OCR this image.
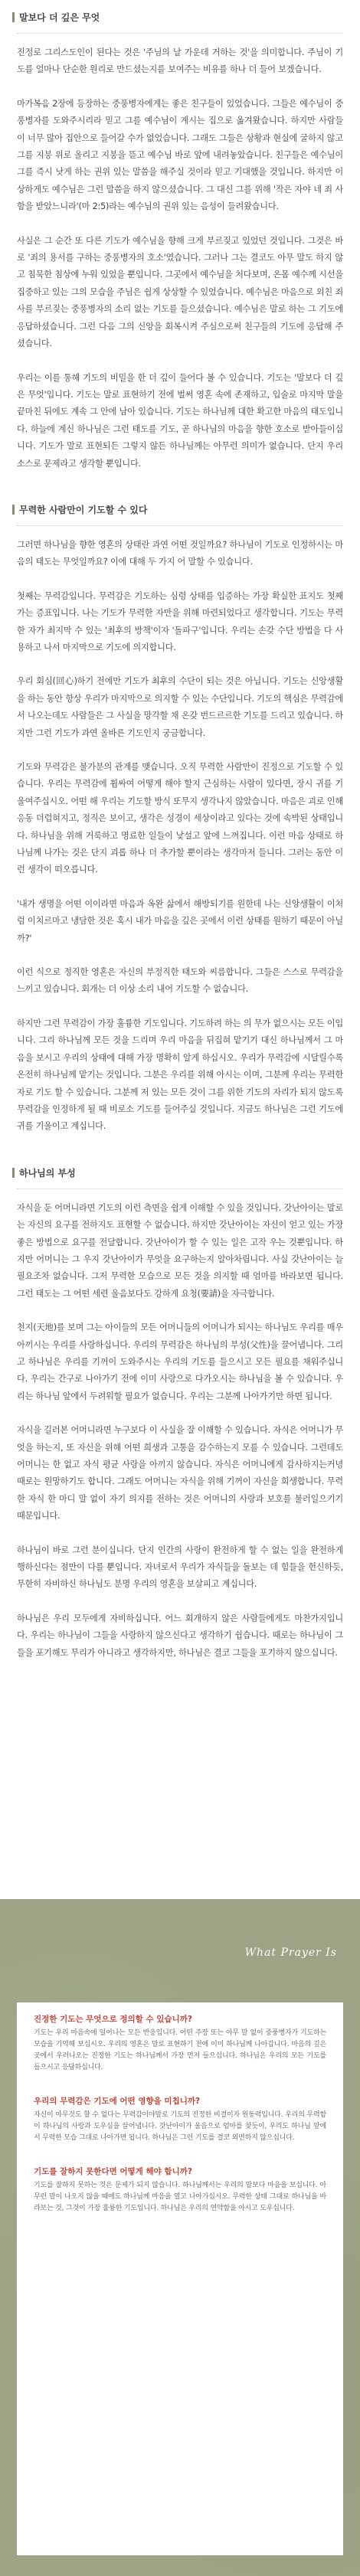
말보다 더 깊은 무엇

진정로 그리스도인이 된다는 것은 '주님의 날 가운데 거하는 것'을 의미합니다. 주님이 기도를 얼마나 단순한 원리로 만드셨는지를 보여주는 비유를 하나 더 들어 보겠습니다.

마가복음 2장에 등장하는 중풍병자에게는 좋은 친구들이 있었습니다. 그들은 예수님이 중풍병자를 도와주시리라 믿고 그를 예수님이 계시는 집으로 옮겨왔습니다. 하지만 사람들이 너무 많아 집안으로 들어갈 수가 없었습니다. 그래도 그들은 상황과 현실에 굴하지 않고 그를 지붕 위로 올리고 지붕을 뜯고 예수님 바로 앞에 내려놓았습니다. 친구들은 예수님이 그를 즉시 낫게 하는 권위 있는 말씀을 해주실 것이라 믿고 기대했을 것입니다. 하지만 이상하게도 예수님은 그런 말씀을 하지 않으셨습니다. 그 대신 그를 위해 '작은 자야 네 죄 사함을 받았느니라'(마 2:5)라는 예수님의 권위 있는 음성이 들려왔습니다.

사실은 그 순간 또 다른 기도가 예수님을 향해 크게 부르짖고 있었던 것입니다. 그것은 바로 '죄의 용서를 구하는 중풍병자의 호소'였습니다. 그러나 그는 결코도 아무 말도 하지 않고 침묵한 침상에 누워 있었을 뿐입니다. 그곳에서 예수님을 처다보며, 온몸 예수께 시선을 집중하고 있는 그의 모습을 주님은 쉽게 상상할 수 있었습니다. 예수님은 마음으로 외친 죄 사를 부르짖는 중풍병자의 소리 없는 기도를 들으셨습니다. 예수님은 말로 하는 그 기도에 응답하셨습니다. 그런 다음 그의 신앙을 회복시켜 주심으로써 친구들의 기도에 응답해 주셨습니다.

우리는 이를 통해 기도의 비밀을 한 더 깊이 들어다 볼 수 있습니다. 기도는 '말보다 더 깊은 무엇'입니다. 기도는 말로 표현하기 전에 벌써 영혼 속에 존재하고, 입술로 마지막 말을 끝마친 뒤에도 계속 그 안에 남아 있습니다. 기도는 하나님께 대한 확고한 마음의 태도입니다. 하늘에 계신 하나님은 그런 태도를 기도, 곧 하나님의 마음을 향한 호소로 받아들이십니다. 기도가 말로 표현되든 그렇지 않든 하나님께는 아무런 의미가 없습니다. 단지 우리 소스로 문제라고 생각할 뿐입니다.

무력한 사람만이 기도할 수 있다

그러면 하나님을 향한 영혼의 상태란 과연 어떤 것일까요? 하나님이 기도로 인정하시는 마음의 태도는 무엇일까요? 이에 대해 두 가지 어 말할 수 있습니다.

첫째는 무력감입니다. 무력감은 기도하는 심령 상태를 입증하는 가장 확실한 표지도 첫째가는 증표입니다. 나는 기도가 무력한 자만을 위해 마련되었다고 생각합니다. 기도는 무력한 자가 최지막 수 있는 '최후의 방책'이자 '돌파구'입니다. 우리는 손갖 수단 방법을 다 사용하고 나서 마지막으로 기도에 의지합니다.

우리 회심(回心)하기 전에만 기도가 최후의 수단이 되는 것은 아닙니다. 기도는 신앙생활을 하는 동안 항상 우리가 마지막으로 의지할 수 있는 수단입니다. 기도의 핵심은 무력감에서 나오는데도 사람들은 그 사실을 망각할 채 온갖 번드르르한 기도를 드리고 있습니다. 하지만 그런 기도가 과연 올바른 기도인지 궁금합니다.

기도와 무력감은 불가분의 관계를 맺습니다. 오직 무력한 사람만이 진정으로 기도할 수 있습니다. 우리는 무력감에 휩싸여 어떻게 해야 할지 근심하는 사람이 있다면, 장시 귀를 기울여주십시오. 어떤 해 우리는 기도할 방식 또무지 생각나지 않았습니다. 마음은 괴로 인해 응동 더럽혀지고, 정직은 보이고, 생각은 성경이 세상이라고 있다는 것에 속박된 상태입니다. 하나님을 위해 거룩하고 명료한 일들이 낯설고 앞에 느껴집니다. 이런 마음 상태로 하나님께 나가는 것은 단지 괴롭 하나 더 추가할 뿐이라는 생각마저 들니다. 그러는 동안 이런 생각이 떠오릅니다.

'내가 생명을 어떤 이이라면 마음과 옥완 삶에서 해방되기를 원한데 나는 신앙생활이 이처럼 이치르마고 냉담한 것은 혹시 내가 마음을 깊은 곳에서 이런 상태를 원하기 때문이 아닐까?'

이런 식으로 정직한 영혼은 자신의 부정직한 태도와 씨름합니다. 그들은 스스로 무력감을 느끼고 있습니다. 회개는 더 이상 소리 내어 기도할 수 없습니다.

하지만 그런 무력감이 가장 훌륭한 기도입니다. 기도하려 하는 의 무가 없으시는 모든 이입니다. 그리 하나님께 모든 것을 드리며 우리 마음을 뒤집혀 맡기기 대신 하나님께서 그 마음을 보시고 우리의 상태에 대해 가장 명확히 알게 하십시오. 우리가 무력감에 시달릴수록 온전히 하나님께 맡기는 것입니다. 그분은 우리를 위해 아시는 이며, 그분께 우리는 무력한 자로 기도 할 수 있습니다. 그분께 저 있는 모든 것이 그를 위한 기도의 자리가 되지 않도록 무력감을 인정하게 될 때 비로소 기도를 들어주실 것입니다. 지금도 하나님은 그런 기도에 귀를 기울이고 계십니다.

하나님의 부성

자식을 둔 어머니라면 기도의 이런 측면을 쉽게 이해할 수 있을 것입니다. 갓난아이는 말로는 자신의 요구를 전하지도 표현할 수 없습니다. 하지만 갓난아이는 자신이 얻고 있는 가장 좋은 방법으로 요구를 전달합니다. 갓난아이가 할 수 있는 일은 고작 우는 것뿐입니다. 하지만 어머니는 그 우지 갓난아이가 무엇을 요구하는지 알아차립니다. 사실 갓난아이는 늘 필요조차 없습니다. 그저 무력한 모습으로 모든 것을 의지할 때 엄마를 바라보면 됩니다. 그런 태도는 그 어떤 세련 울음보다도 강하게 요청(要請)을 자극합니다.

천지(天地)를 보며 그는 아이들의 모든 어머니들의 어머니가 되시는 하나님도 우리를 매우 아끼시는 우리를 사랑하십니다. 우리의 무력감은 하나님의 부성(父性)을 끌어냅니다. 그리고 하나님은 우리를 기꺼이 도와주시는 우리의 기도를 들으시고 모든 필요를 채워주십니다. 우리는 간구로 나아가기 전에 이미 사랑으로 다가오시는 하나님을 볼 수 있습니다. 우리는 하나님 앞에서 두려워할 필요가 없습니다. 우리는 그분께 나아가기만 하면 됩니다.

자식을 길러본 어머니라면 누구보다 이 사실을 잘 이해할 수 있습니다. 자식은 어머니가 무엇을 하는지, 또 자신을 위해 어떤 희생과 고통을 감수하는지 모를 수 있습니다. 그런데도 어머니는 한 없고 자식 평균 사랑을 아끼지 않습니다. 자식은 어머니에게 감사하지는커녕 때로는 원망하기도 합니다. 그래도 어머니는 자식을 위해 기꺼이 자신을 희생합니다. 무력한 자식 한 마디 말 없이 자기 의지를 전하는 것은 어머니의 사랑과 보호를 불러일으키기 때문입니다.

하나님이 바로 그런 분이십니다. 단지 인간의 사랑이 완전하게 할 수 없는 일을 완전하게 행하신다는 점만이 다를 뿐입니다. 자녀로서 우리가 자식들을 돌보는 데 힘들을 헌신하듯, 무한히 자비하신 하나님도 분명 우리의 영혼을 보살피고 계십니다.

하나님은 우리 모두에게 자비하십니다. 어느 회개하지 않은 사람들에게도 마찬가지입니다. 우리는 하나님이 그들을 사랑하지 않으신다고 생각하기 쉽습니다. 때로는 하나님이 그들을 포기해도 무리가 아니라고 생각하지만, 하나님은 결코 그들을 포기하지 않으십니다.

What Prayer Is

진정한 기도는 무엇으로 정의할 수 있습니까?

기도는 우리 마음속에 일어나는 모든 반응입니다. 어떤 주장 또는 아무 말 없이 중풍병자가 기도하는 모습을 기억해 보십시오. 우리의 영혼은 말로 표현하기 전에 이미 하나님께 나아갑니다. 마음의 깊은 곳에서 우러나오는 진정한 기도는 하나님께서 가장 먼저 들으십니다. 하나님은 우리의 모든 기도를 들으시고 응답하십니다.

우리의 무력감은 기도에 어떤 영향을 미칩니까?

자신이 아무것도 할 수 없다는 무력감이야말로 기도의 진정한 비결이자 원동력입니다. 우리의 무력함이 하나님의 사랑과 도우심을 끌어냅니다. 갓난아이가 울음으로 엄마를 찾듯이, 우리도 하나님 앞에서 무력한 모습 그대로 나아가면 됩니다. 하나님은 그런 기도를 결코 외면하지 않으십니다.

기도를 잘하지 못한다면 어떻게 해야 합니까?

기도를 잘하지 못하는 것은 문제가 되지 않습니다. 하나님께서는 우리의 말보다 마음을 보십니다. 아무런 말이 나오지 않을 때에도 하나님께 마음을 열고 나아가십시오. 무력한 상태 그대로 하나님을 바라보는 것, 그것이 가장 훌륭한 기도입니다. 하나님은 우리의 연약함을 아시고 도우십니다.
